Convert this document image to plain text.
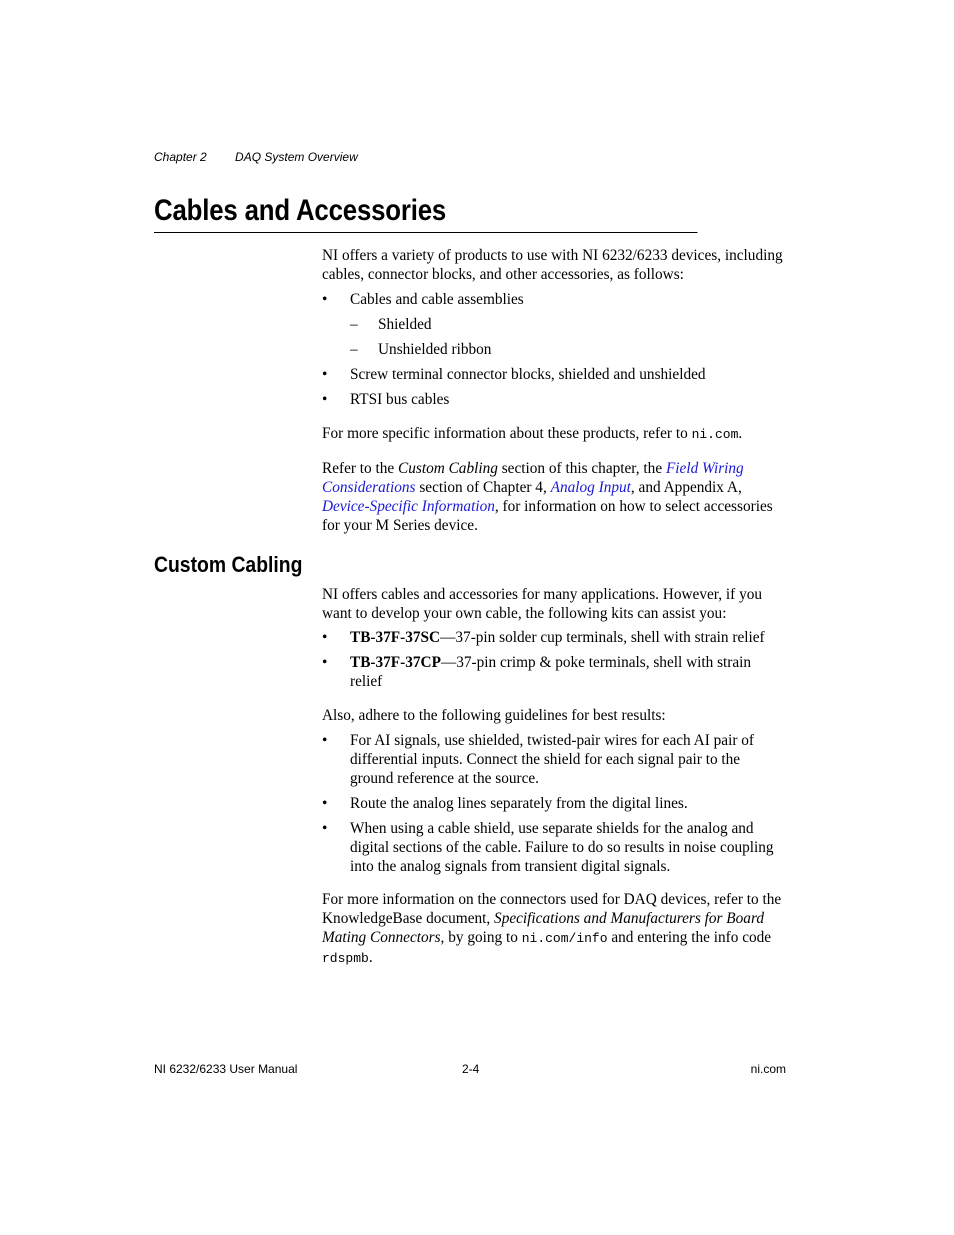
Chapter 2 DAQ System Overview
Cables and Accessories

NI offers a variety of products to use with NI 6232/6233 devices, including cables, connector blocks, and other accessories, as follows:

• Cables and cable assemblies
– Shielded
– Unshielded ribbon
• Screw terminal connector blocks, shielded and unshielded
• RTSI bus cables

For more specific information about these products, refer to ni.com.

Refer to the Custom Cabling section of this chapter, the Field Wiring Considerations section of Chapter 4, Analog Input, and Appendix A, Device-Specific Information, for information on how to select accessories for your M Series device.

Custom Cabling

NI offers cables and accessories for many applications. However, if you want to develop your own cable, the following kits can assist you:

• TB-37F-37SC—37-pin solder cup terminals, shell with strain relief
• TB-37F-37CP—37-pin crimp & poke terminals, shell with strain relief

Also, adhere to the following guidelines for best results:

• For AI signals, use shielded, twisted-pair wires for each AI pair of differential inputs. Connect the shield for each signal pair to the ground reference at the source.
• Route the analog lines separately from the digital lines.
• When using a cable shield, use separate shields for the analog and digital sections of the cable. Failure to do so results in noise coupling into the analog signals from transient digital signals.

For more information on the connectors used for DAQ devices, refer to the KnowledgeBase document, Specifications and Manufacturers for Board Mating Connectors, by going to ni.com/info and entering the info code rdspmb.

NI 6232/6233 User Manual	2-4	ni.com
